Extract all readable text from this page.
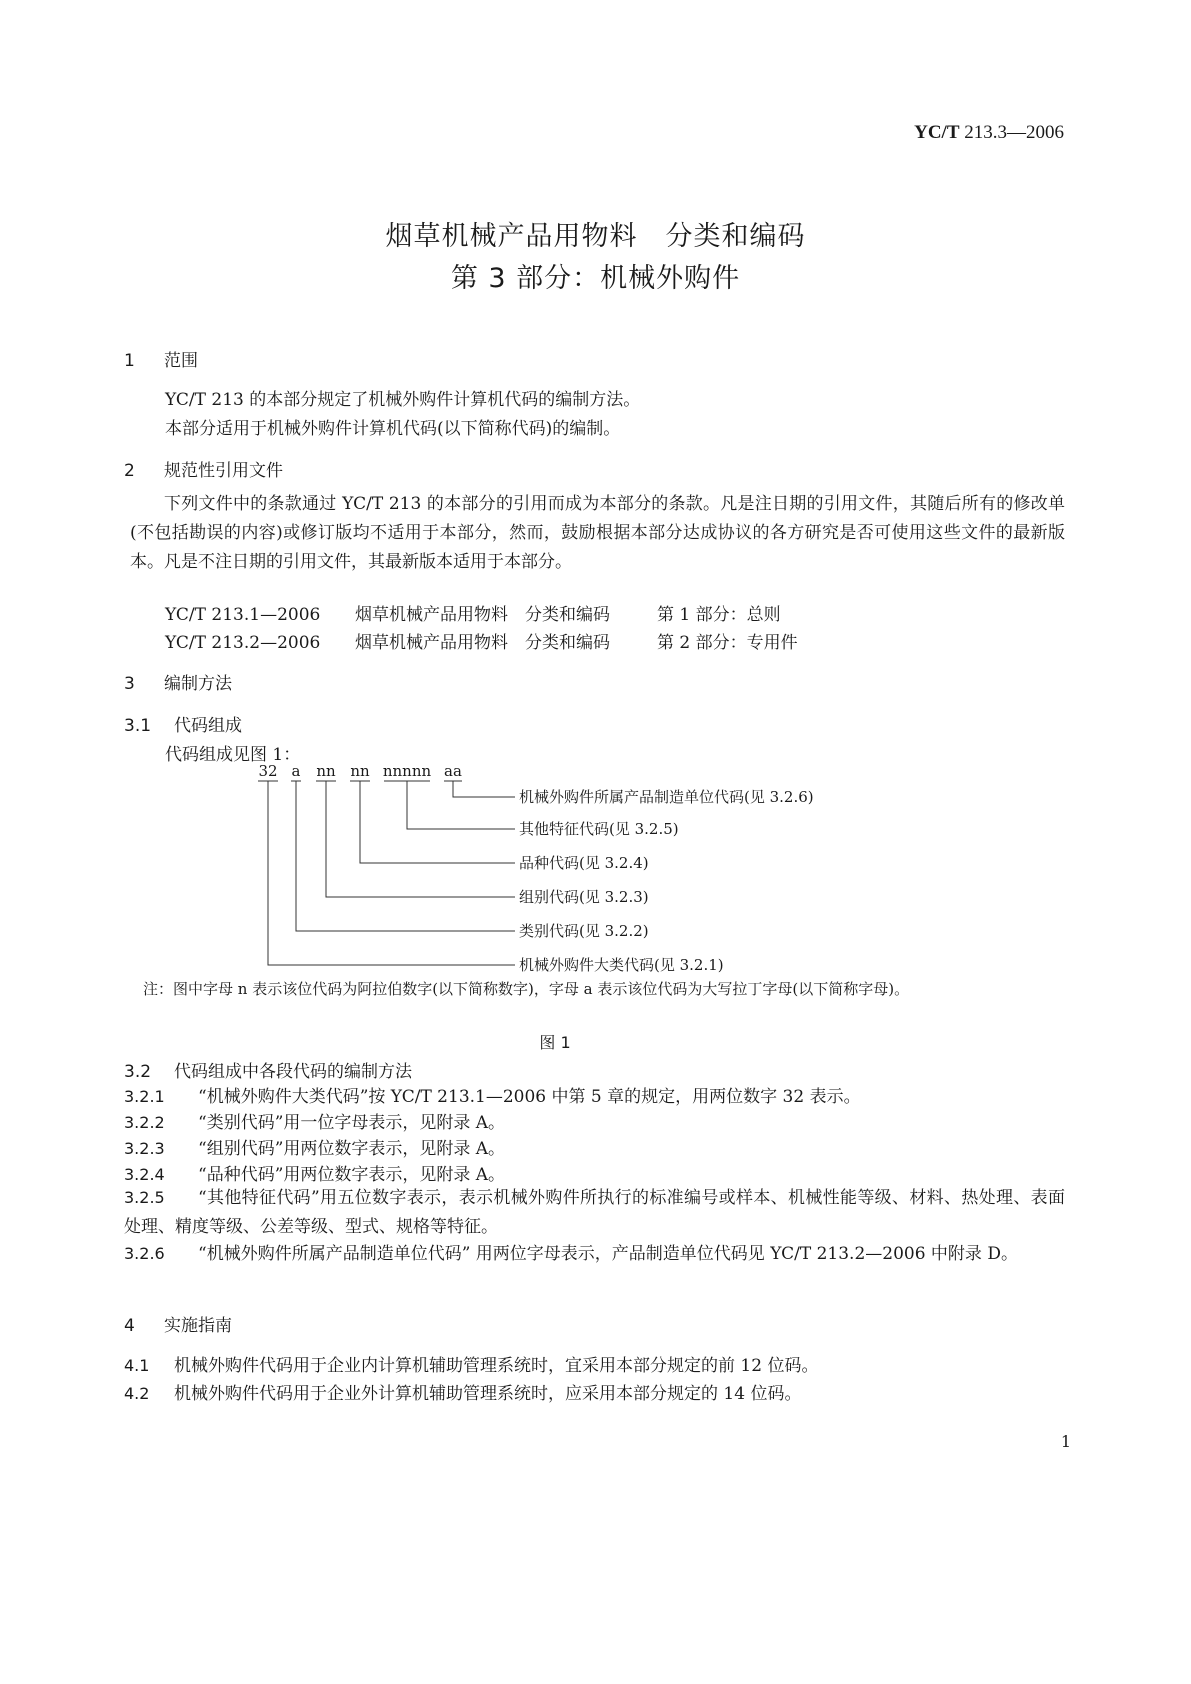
YC/T 213.3—2006
烟草机械产品用物料　分类和编码
第 3 部分：机械外购件
1 范围
YC/T 213 的本部分规定了机械外购件计算机代码的编制方法。
本部分适用于机械外购件计算机代码(以下简称代码)的编制。
2 规范性引用文件
下列文件中的条款通过 YC/T 213 的本部分的引用而成为本部分的条款。凡是注日期的引用文件，其随后所有的修改单(不包括勘误的内容)或修订版均不适用于本部分，然而，鼓励根据本部分达成协议的各方研究是否可使用这些文件的最新版本。凡是不注日期的引用文件，其最新版本适用于本部分。
YC/T 213.1—2006 烟草机械产品用物料　分类和编码	第 1 部分：总则
YC/T 213.2—2006 烟草机械产品用物料　分类和编码	第 2 部分：专用件
3 编制方法
3.1 代码组成
代码组成见图 1：
32 a nn nn nnnnn aa
机械外购件所属产品制造单位代码(见 3.2.6)
其他特征代码(见 3.2.5)
品种代码(见 3.2.4)
组别代码(见 3.2.3)
类别代码(见 3.2.2)
机械外购件大类代码(见 3.2.1)
注：图中字母 n 表示该位代码为阿拉伯数字(以下简称数字)，字母 a 表示该位代码为大写拉丁字母(以下简称字母)。
图 1
3.2 代码组成中各段代码的编制方法
3.2.1 “机械外购件大类代码”按 YC/T 213.1—2006 中第 5 章的规定，用两位数字 32 表示。
3.2.2 “类别代码”用一位字母表示，见附录 A。
3.2.3 “组别代码”用两位数字表示，见附录 A。
3.2.4 “品种代码”用两位数字表示，见附录 A。
3.2.5 “其他特征代码”用五位数字表示，表示机械外购件所执行的标准编号或样本、机械性能等级、材料、热处理、表面处理、精度等级、公差等级、型式、规格等特征。
3.2.6 “机械外购件所属产品制造单位代码” 用两位字母表示，产品制造单位代码见 YC/T 213.2—2006 中附录 D。
4 实施指南
4.1 机械外购件代码用于企业内计算机辅助管理系统时，宜采用本部分规定的前 12 位码。
4.2 机械外购件代码用于企业外计算机辅助管理系统时，应采用本部分规定的 14 位码。
1
